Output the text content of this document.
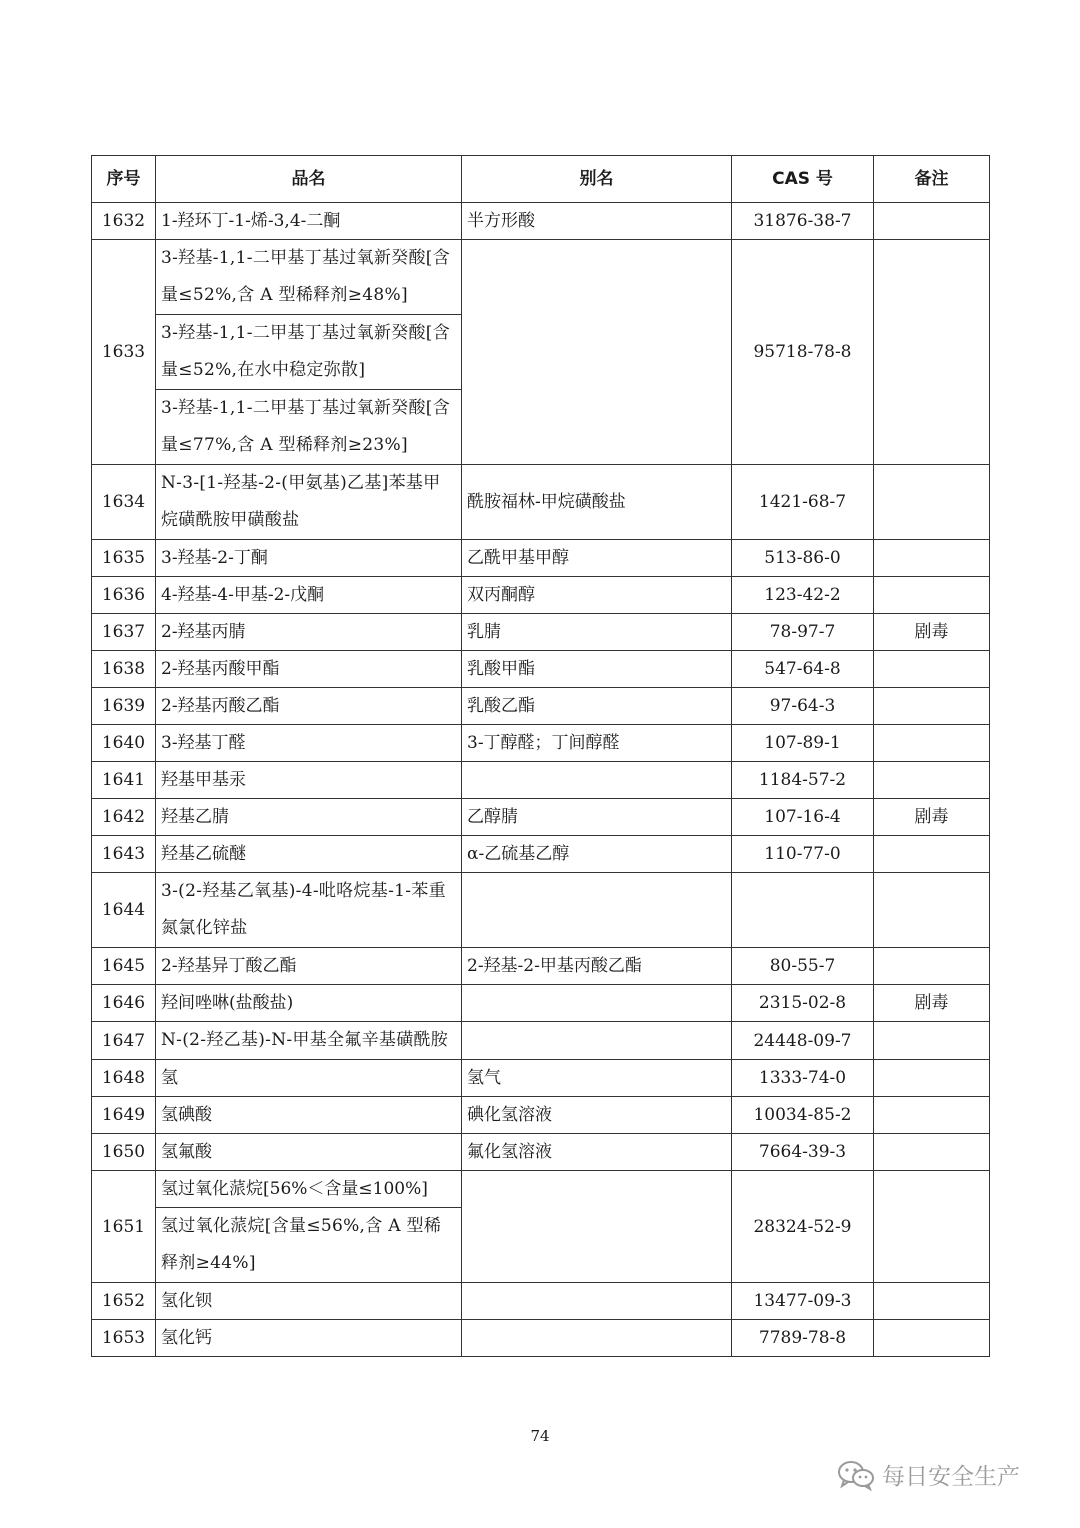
序号	品名	别名	CAS 号	备注
1632	1-羟环丁-1-烯-3,4-二酮	半方形酸	31876-38-7	
1633	3-羟基-1,1-二甲基丁基过氧新癸酸[含量≤52%,含 A 型稀释剂≥48%]		95718-78-8	
	3-羟基-1,1-二甲基丁基过氧新癸酸[含量≤52%,在水中稳定弥散]			
	3-羟基-1,1-二甲基丁基过氧新癸酸[含量≤77%,含 A 型稀释剂≥23%]			
1634	N-3-[1-羟基-2-(甲氨基)乙基]苯基甲烷磺酰胺甲磺酸盐	酰胺福林-甲烷磺酸盐	1421-68-7	
1635	3-羟基-2-丁酮	乙酰甲基甲醇	513-86-0	
1636	4-羟基-4-甲基-2-戊酮	双丙酮醇	123-42-2	
1637	2-羟基丙腈	乳腈	78-97-7	剧毒
1638	2-羟基丙酸甲酯	乳酸甲酯	547-64-8	
1639	2-羟基丙酸乙酯	乳酸乙酯	97-64-3	
1640	3-羟基丁醛	3-丁醇醛；丁间醇醛	107-89-1	
1641	羟基甲基汞		1184-57-2	
1642	羟基乙腈	乙醇腈	107-16-4	剧毒
1643	羟基乙硫醚	α-乙硫基乙醇	110-77-0	
1644	3-(2-羟基乙氧基)-4-吡咯烷基-1-苯重氮氯化锌盐			
1645	2-羟基异丁酸乙酯	2-羟基-2-甲基丙酸乙酯	80-55-7	
1646	羟间唑啉(盐酸盐)		2315-02-8	剧毒
1647	N-(2-羟乙基)-N-甲基全氟辛基磺酰胺		24448-09-7	
1648	氢	氢气	1333-74-0	
1649	氢碘酸	碘化氢溶液	10034-85-2	
1650	氢氟酸	氟化氢溶液	7664-39-3	
1651	氢过氧化蒎烷[56%＜含量≤100%]		28324-52-9	
	氢过氧化蒎烷[含量≤56%,含 A 型稀释剂≥44%]			
1652	氢化钡		13477-09-3	
1653	氢化钙		7789-78-8	
74
每日安全生产
